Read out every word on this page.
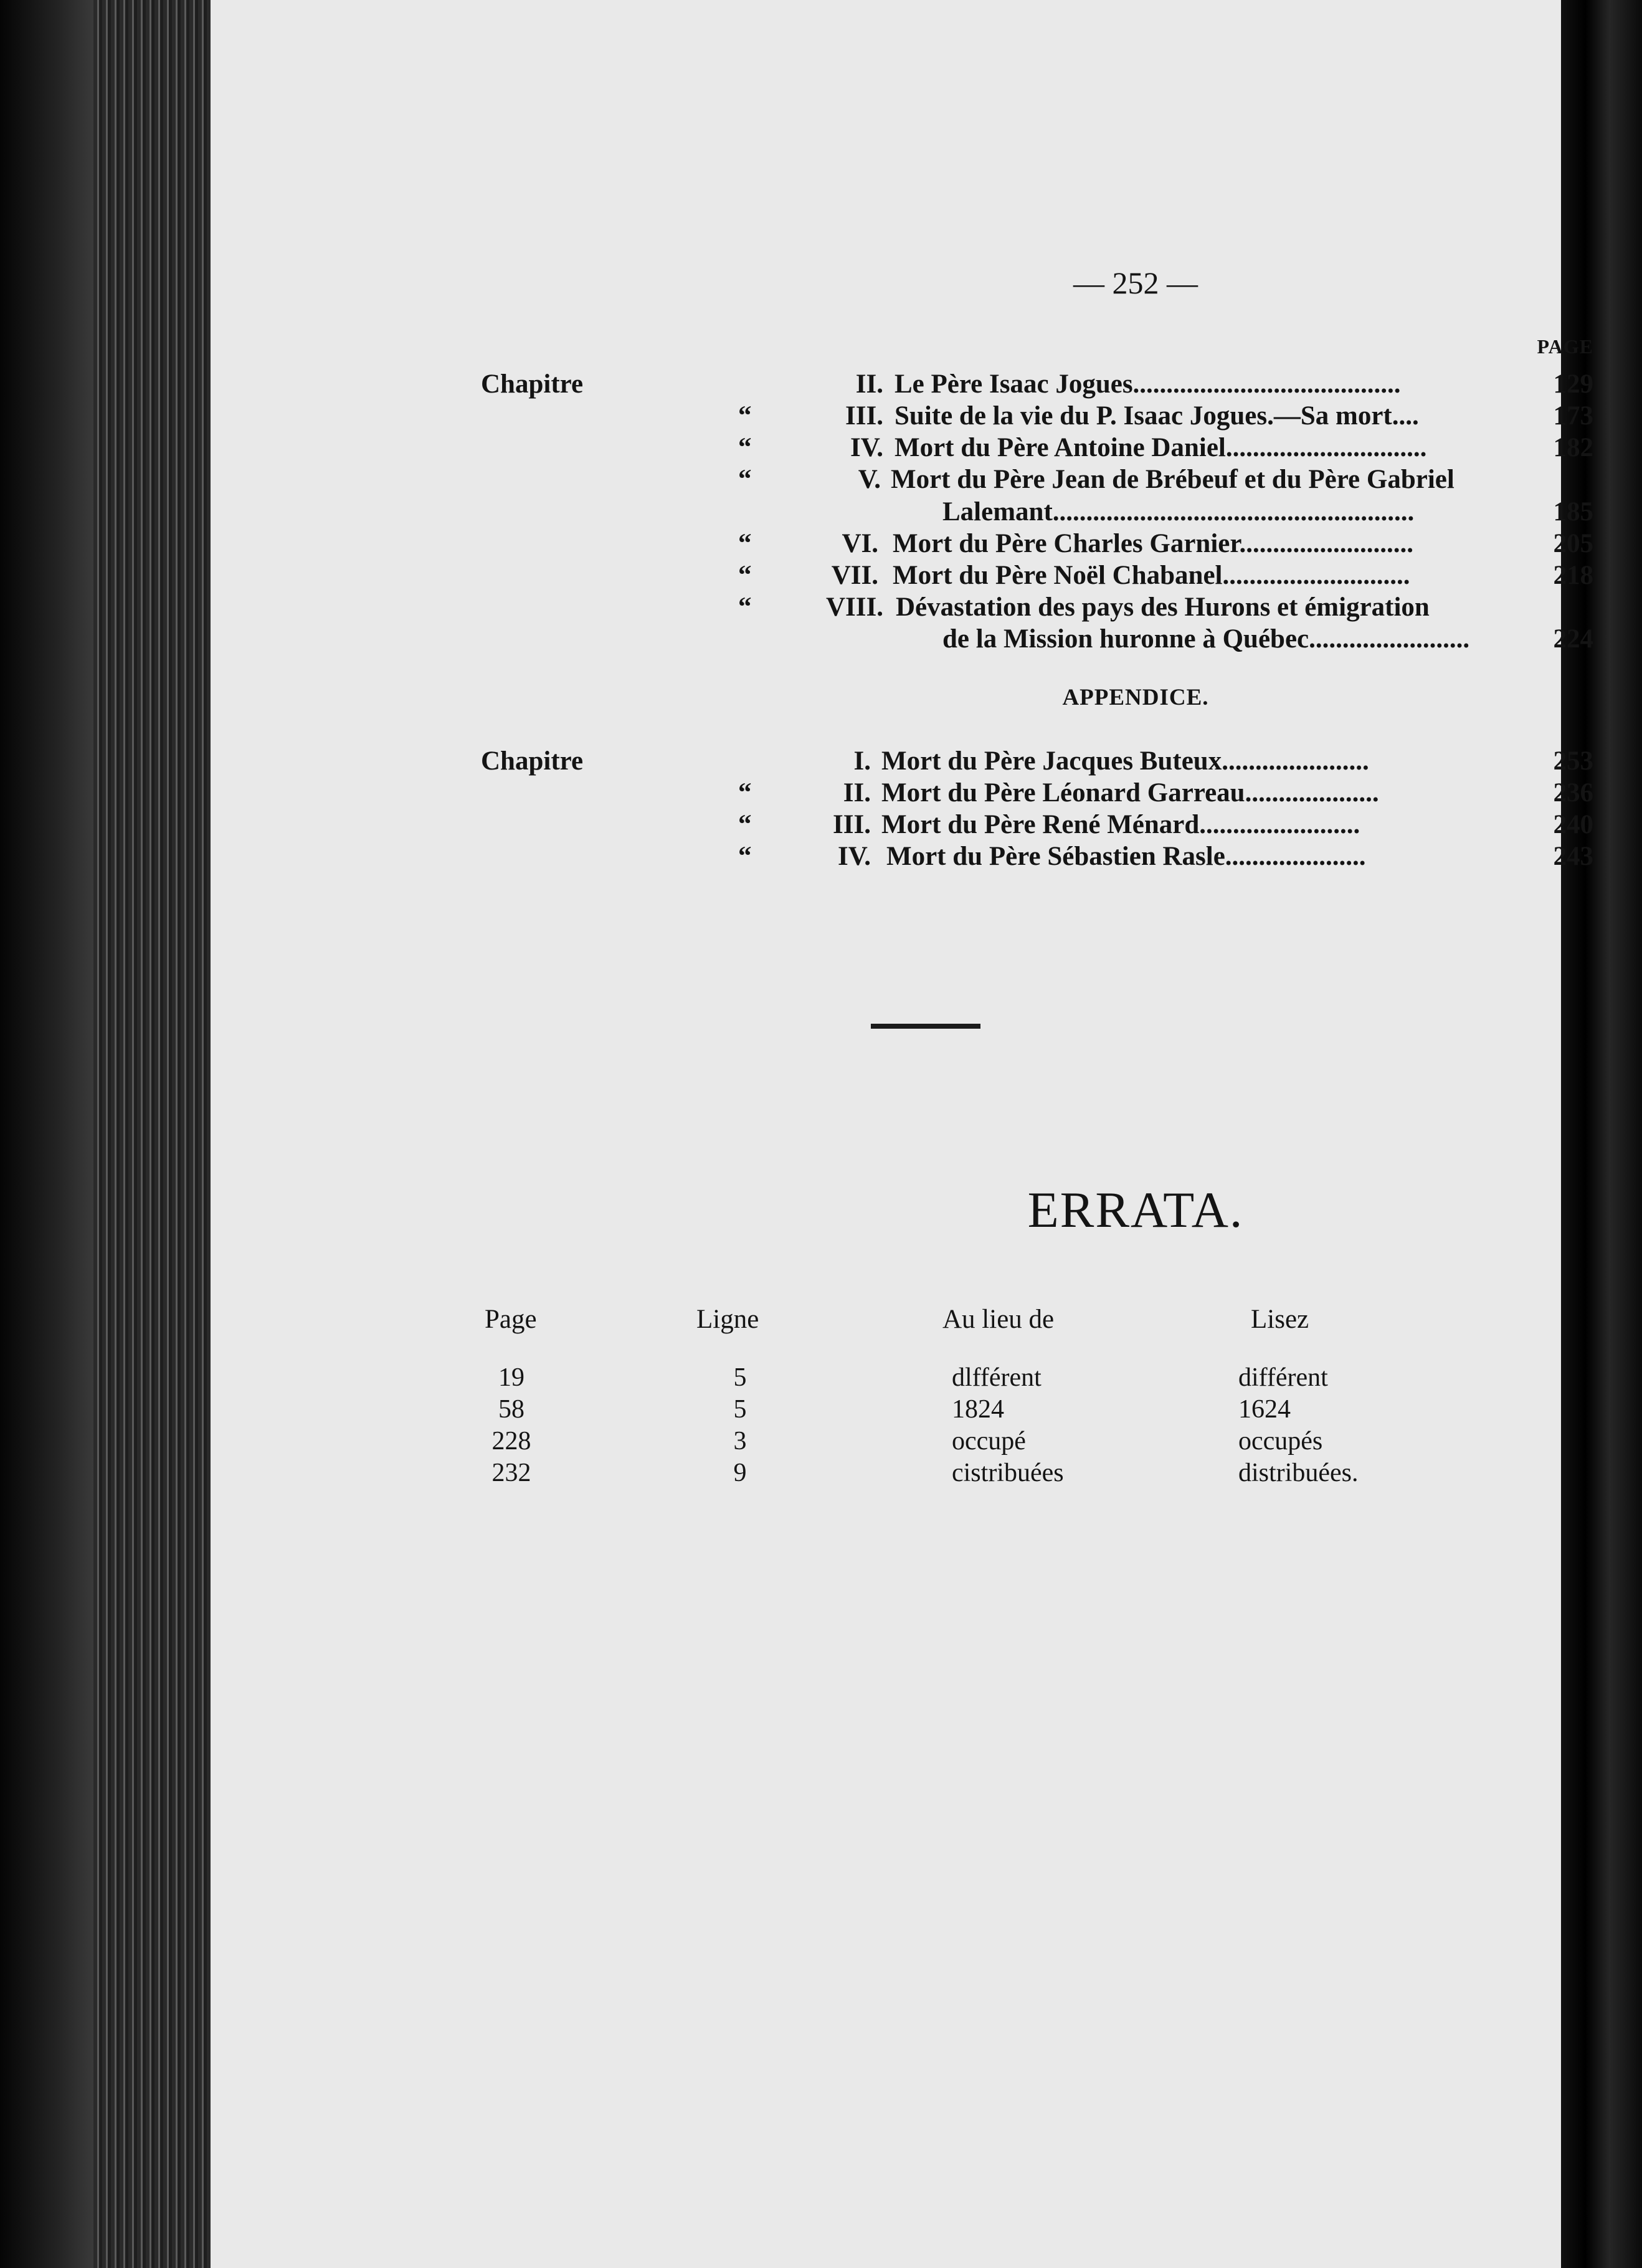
— 252 —
PAGE
Chapitre	II. Le Père Isaac Jogues........................................	129
“	III. Suite de la vie du P. Isaac Jogues.—Sa mort....	173
“	IV. Mort du Père Antoine Daniel..............................	182
“	V. Mort du Père Jean de Brébeuf et du Père Gabriel
Lalemant......................................................	185
“	VI. Mort du Père Charles Garnier..........................	205
“	VII. Mort du Père Noël Chabanel............................	218
“	VIII. Dévastation des pays des Hurons et émigration
de la Mission huronne à Québec........................	224
APPENDICE.
Chapitre	I. Mort du Père Jacques Buteux......................	253
“	II. Mort du Père Léonard Garreau....................	236
“	III. Mort du Père René Ménard........................	240
“	IV. Mort du Père Sébastien Rasle.....................	243
ERRATA.
Page	Ligne	Au lieu de	Lisez
19	5	dlfférent	différent
58	5	1824	1624
228	3	occupé	occupés
232	9	cistribuées	distribuées.
